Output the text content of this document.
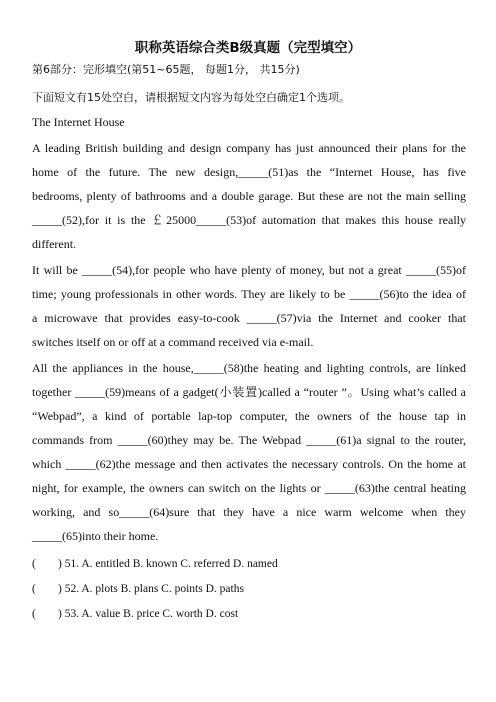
职称英语综合类B级真题（完型填空）
第6部分：完形填空(第51~65题， 每题1分， 共15分)
下面短文有15处空白，请根据短文内容为每处空白确定1个选项。
The Internet House
A leading British building and design company has just announced their plans for the
home of the future. The new design,_____(51)as the “Internet House, has five
bedrooms, plenty of bathrooms and a double garage. But these are not the main selling
_____(52),for it is the ￡25000_____(53)of automation that makes this house really
different.
It will be _____(54),for people who have plenty of money, but not a great _____(55)of
time; young professionals in other words. They are likely to be _____(56)to the idea of
a microwave that provides easy-to-cook _____(57)via the Internet and cooker that
switches itself on or off at a command received via e-mail.
All the appliances in the house,_____(58)the heating and lighting controls, are linked
together _____(59)means of a gadget(小装置)called a “router ”。Using what’s called a
“Webpad”, a kind of portable lap-top computer, the owners of the house tap in
commands from _____(60)they may be. The Webpad _____(61)a signal to the router,
which _____(62)the message and then activates the necessary controls. On the home at
night, for example, the owners can switch on the lights or _____(63)the central heating
working, and so_____(64)sure that they have a nice warm welcome when they
_____(65)into their home.
( ) 51. A. entitled B. known C. referred D. named
( ) 52. A. plots B. plans C. points D. paths
( ) 53. A. value B. price C. worth D. cost
